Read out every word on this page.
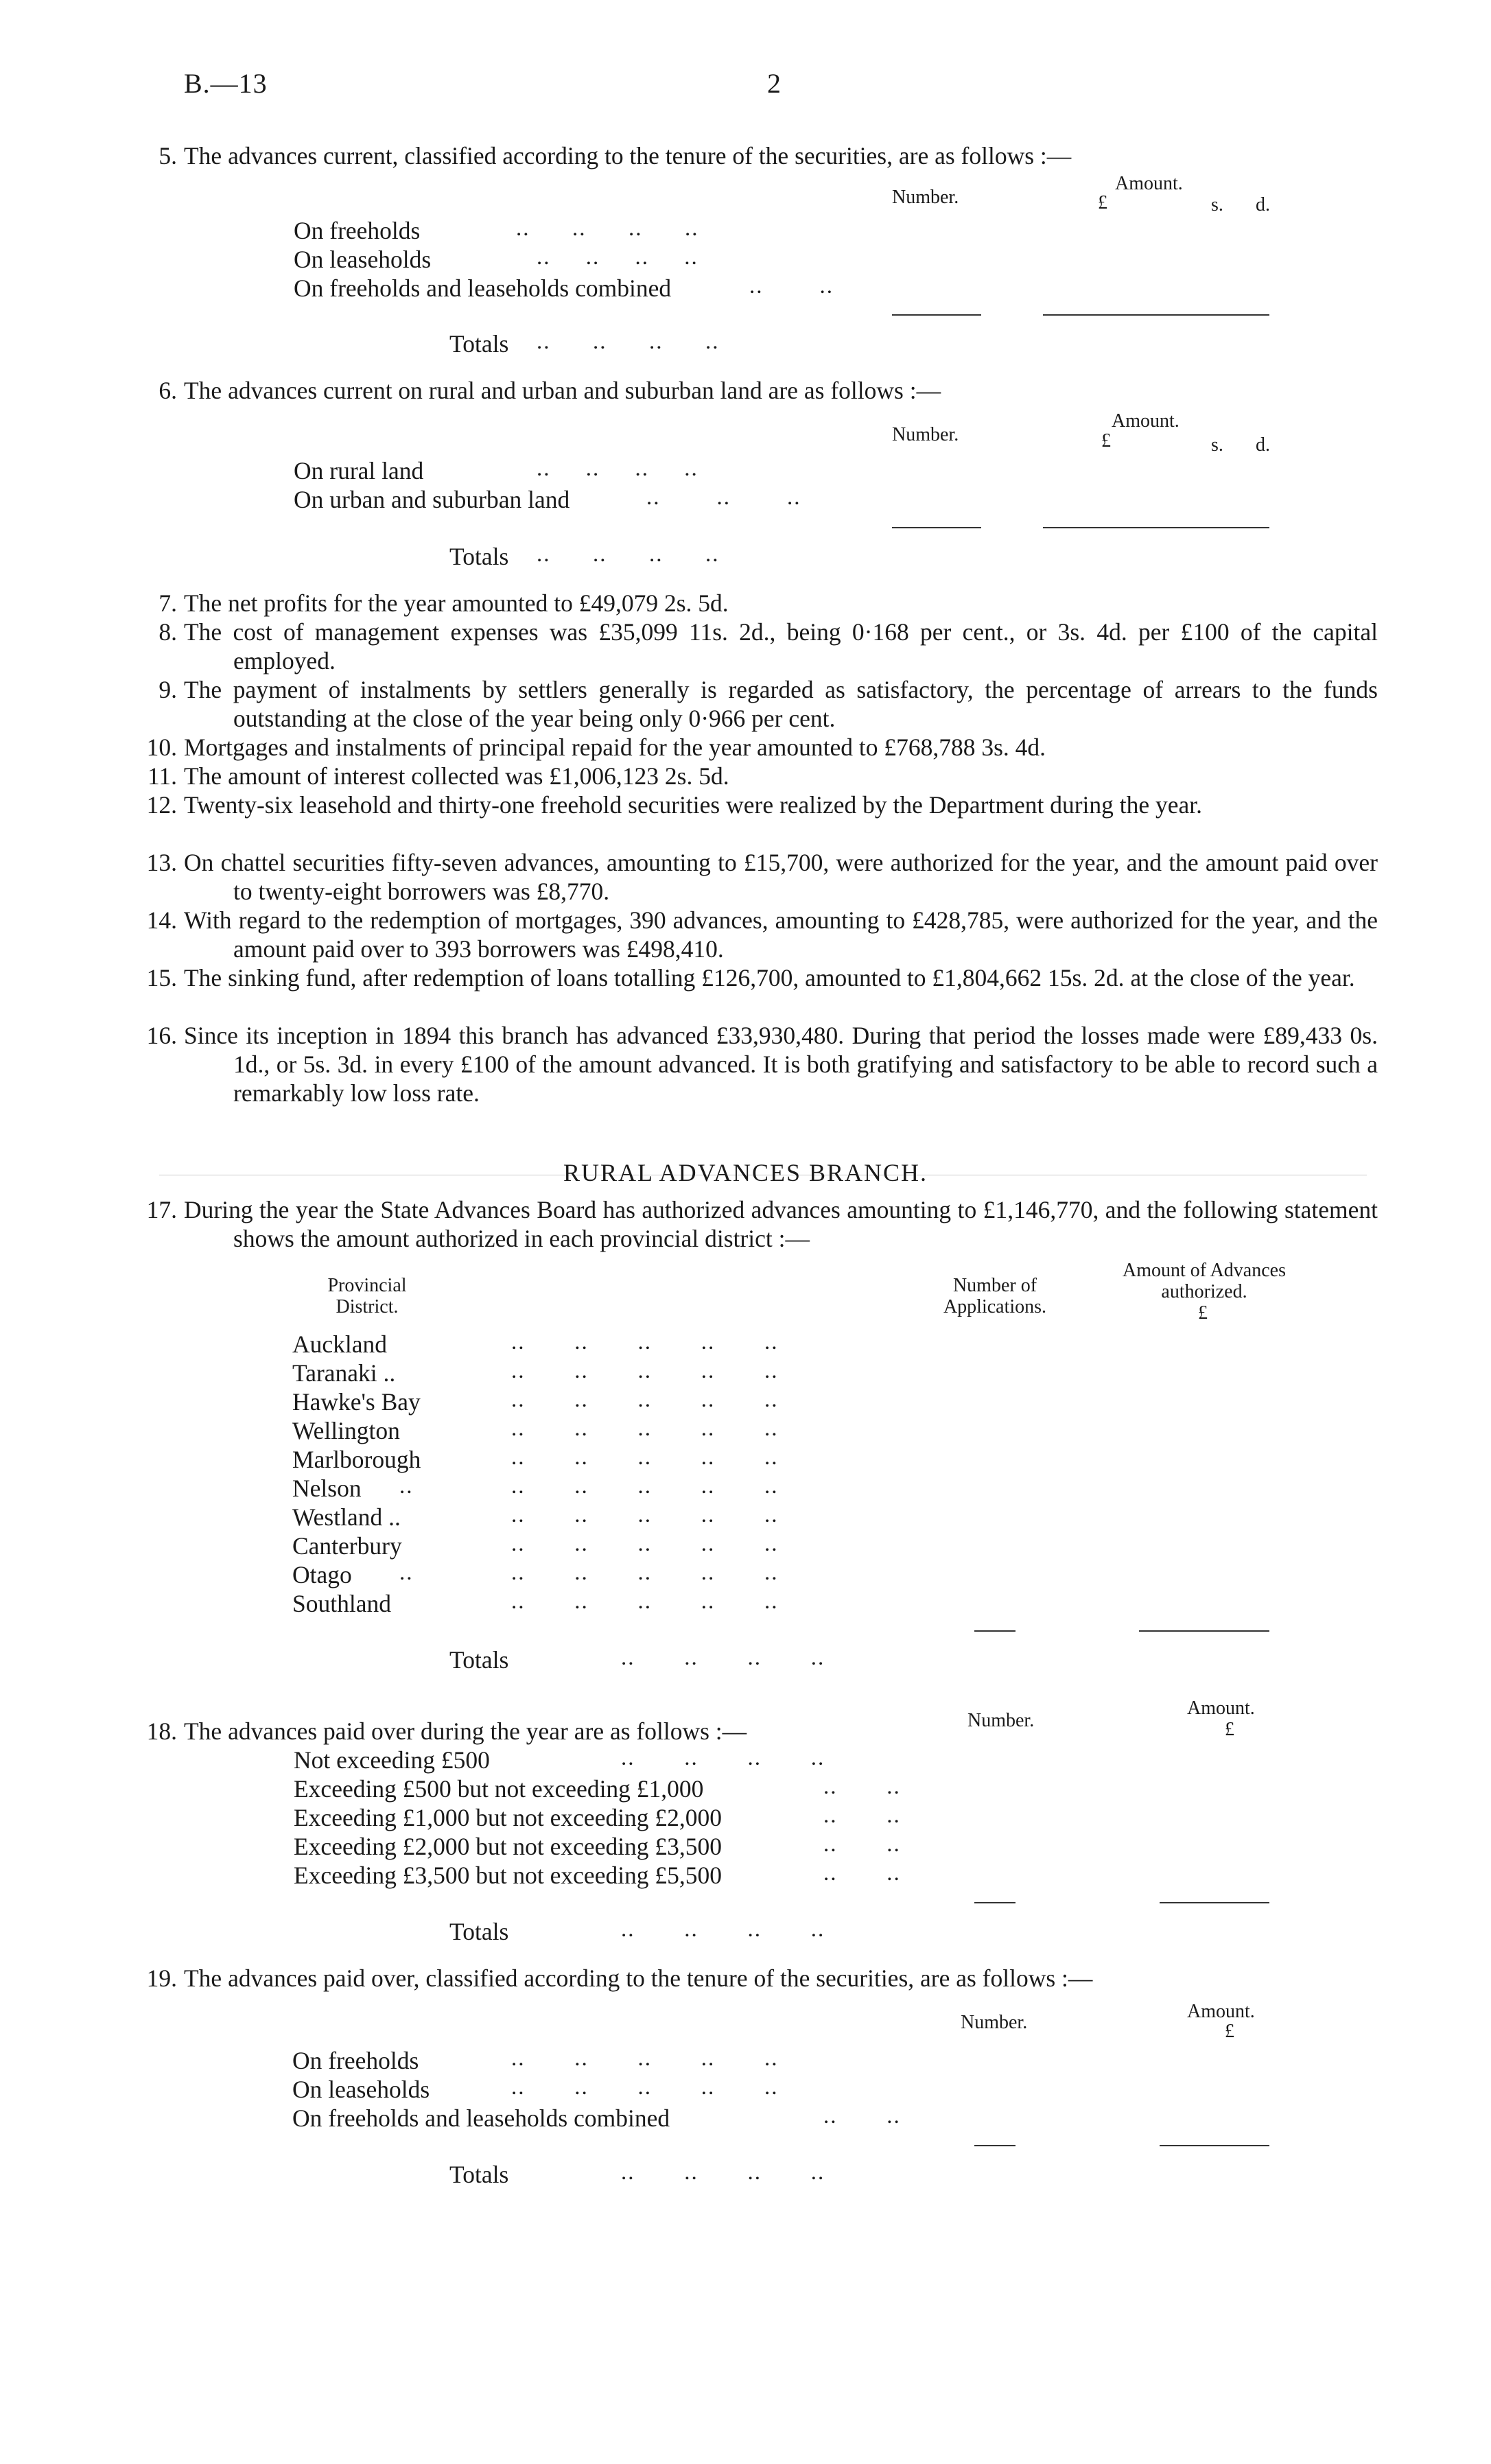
B.—13	2
5. The advances current, classified according to the tenure of the securities, are as follows :—
Number.
Amount.
£	s. d.
On freeholds	..      ..      ..      ..
On leaseholds	..     ..     ..     ..
On freeholds and leaseholds combined	..        ..
Totals ..      ..      ..      ..
6. The advances current on rural and urban and suburban land are as follows :—
Number.
Amount.
£	s. d.
On rural land	..     ..     ..     ..
On urban and suburban land	..        ..        ..
Totals ..      ..      ..      ..
7. The net profits for the year amounted to £49,079 2s. 5d.
8. The cost of management expenses was £35,099 11s. 2d., being 0·168 per cent., or 3s. 4d. per £100 of the capital employed.
9. The payment of instalments by settlers generally is regarded as satisfactory, the percentage of arrears to the funds outstanding at the close of the year being only 0·966 per cent.
10. Mortgages and instalments of principal repaid for the year amounted to £768,788 3s. 4d.
11. The amount of interest collected was £1,006,123 2s. 5d.
12. Twenty-six leasehold and thirty-one freehold securities were realized by the Department during the year.
13. On chattel securities fifty-seven advances, amounting to £15,700, were authorized for the year, and the amount paid over to twenty-eight borrowers was £8,770.
14. With regard to the redemption of mortgages, 390 advances, amounting to £428,785, were authorized for the year, and the amount paid over to 393 borrowers was £498,410.
15. The sinking fund, after redemption of loans totalling £126,700, amounted to £1,804,662 15s. 2d. at the close of the year.
16. Since its inception in 1894 this branch has advanced £33,930,480. During that period the losses made were £89,433 0s. 1d., or 5s. 3d. in every £100 of the amount advanced. It is both gratifying and satisfactory to be able to record such a remarkably low loss rate.
RURAL ADVANCES BRANCH.
17. During the year the State Advances Board has authorized advances amounting to £1,146,770, and the following statement shows the amount authorized in each provincial district :—
Provincial District.
Number of Applications.
Amount of Advances authorized.
£
Auckland	..       ..       ..       ..       ..
Taranaki ..	..       ..       ..       ..       ..
Hawke's Bay	..       ..       ..       ..       ..
Wellington	..       ..       ..       ..       ..
Marlborough	..       ..       ..       ..       ..
Nelson ..	..       ..       ..       ..       ..
Westland ..	..       ..       ..       ..       ..
Canterbury	..       ..       ..       ..       ..
Otago ..	..       ..       ..       ..       ..
Southland	..       ..       ..       ..       ..
Totals	..       ..       ..       ..
18. The advances paid over during the year are as follows :—	Number.
Amount.
£
Not exceeding £500	..       ..       ..       ..
Exceeding £500 but not exceeding £1,000	..       ..
Exceeding £1,000 but not exceeding £2,000	..       ..
Exceeding £2,000 but not exceeding £3,500	..       ..
Exceeding £3,500 but not exceeding £5,500	..       ..
Totals	..       ..       ..       ..
19. The advances paid over, classified according to the tenure of the securities, are as follows :—
Number.
Amount.
£
On freeholds	..       ..       ..       ..       ..
On leaseholds	..       ..       ..       ..       ..
On freeholds and leaseholds combined	..       ..
Totals	..       ..       ..       ..
